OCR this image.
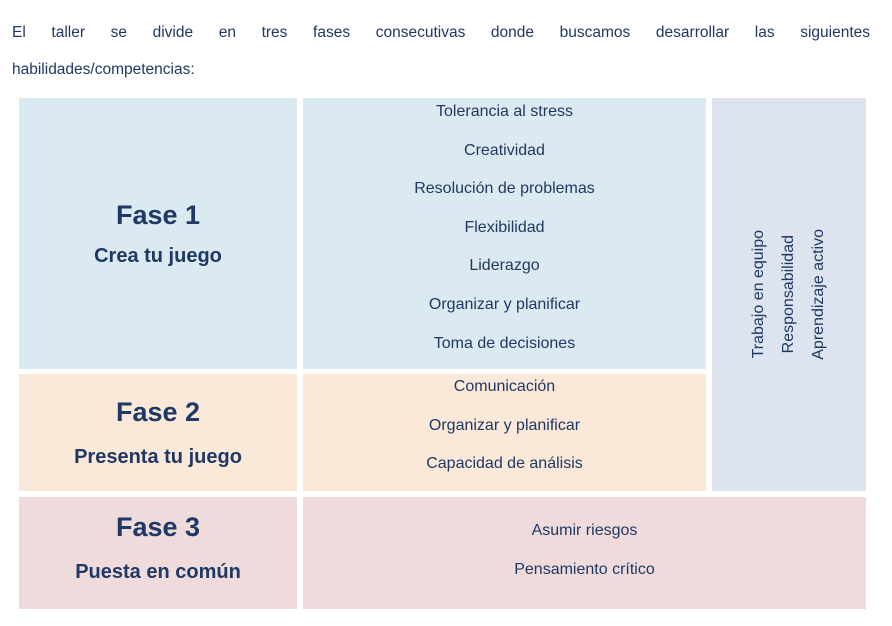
El taller se divide en tres fases consecutivas donde buscamos desarrollar las siguientes
habilidades/competencias:
Fase 1
Crea tu juego
Tolerancia al stress
Creatividad
Resolución de problemas
Flexibilidad
Liderazgo
Organizar y planificar
Toma de decisiones
Fase 2
Presenta tu juego
Comunicación
Organizar y planificar
Capacidad de análisis
Trabajo en equipo Responsabilidad Aprendizaje activo
Fase 3
Puesta en común
Asumir riesgos
Pensamiento crítico
